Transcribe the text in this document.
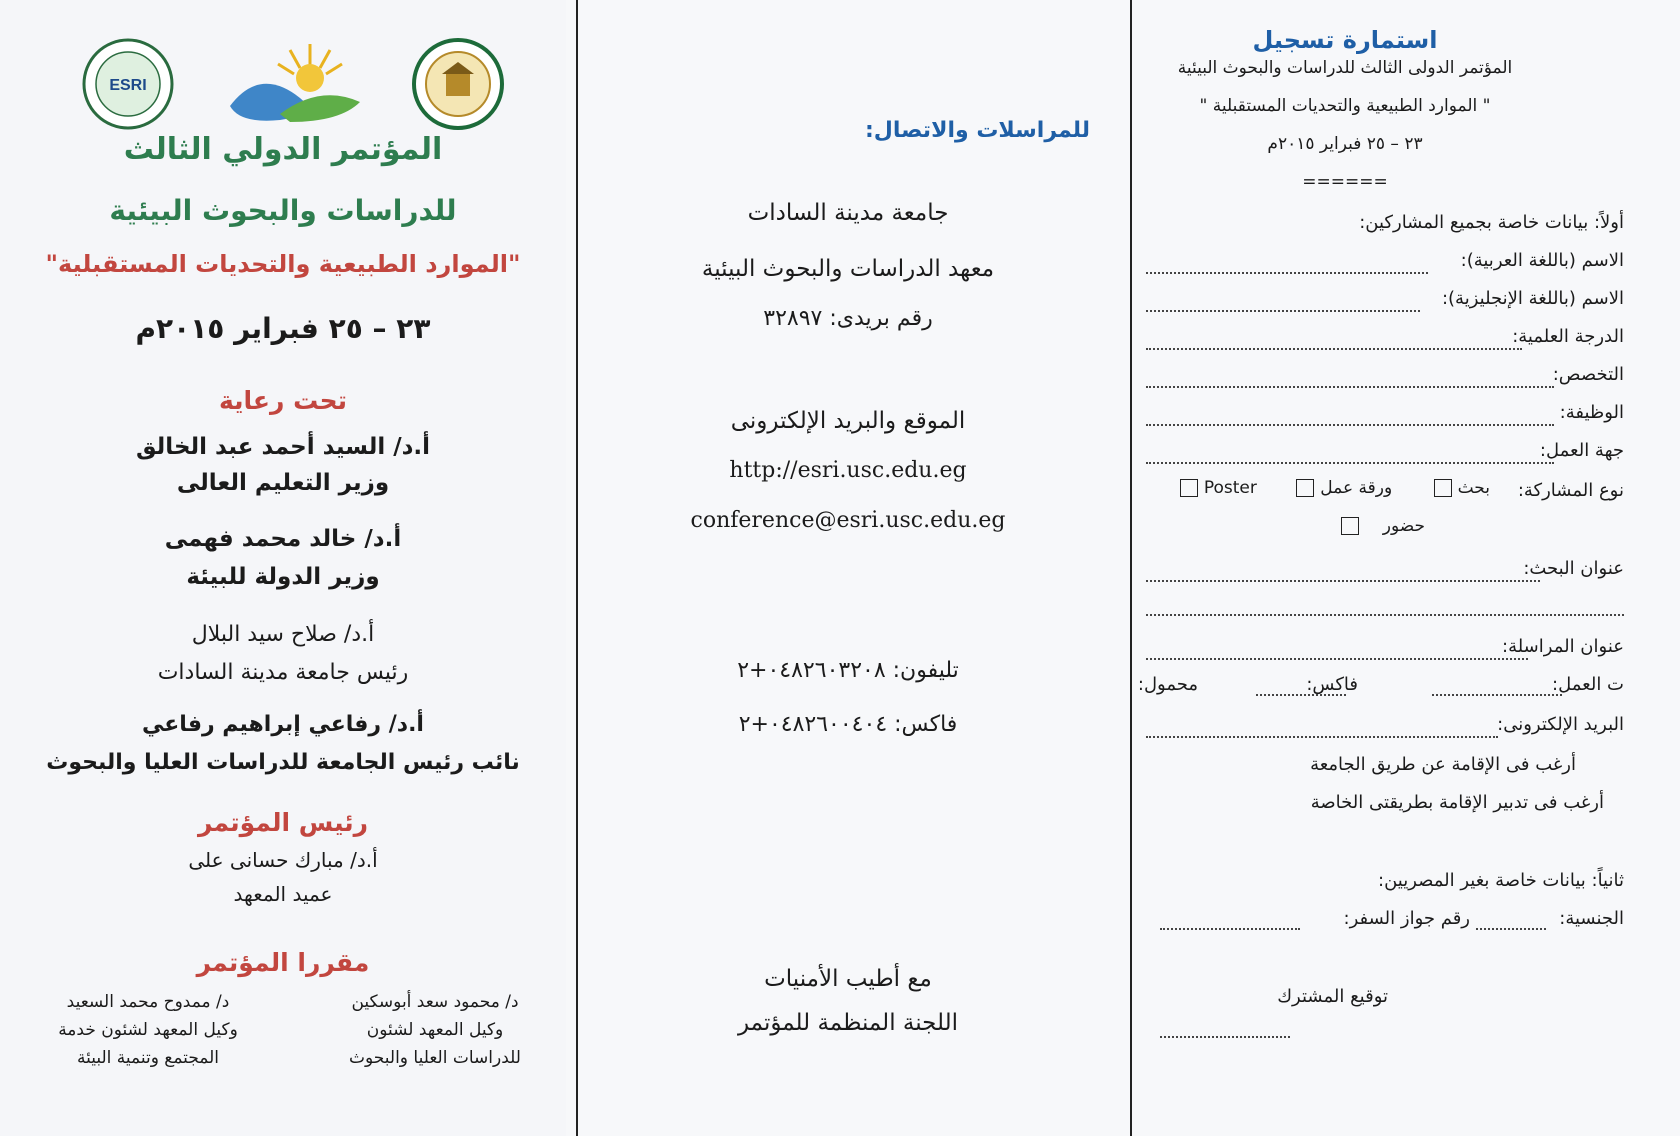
ESRI
المؤتمر الدولي الثالث
للدراسات والبحوث البيئية
"الموارد الطبيعية والتحديات المستقبلية"
٢٣ – ٢٥ فبراير ٢٠١٥م
تحت رعاية
أ.د/ السيد أحمد عبد الخالق
وزير التعليم العالى
أ.د/ خالد محمد فهمى
وزير الدولة للبيئة
أ.د/ صلاح سيد البلال
رئيس جامعة مدينة السادات
أ.د/ رفاعي إبراهيم رفاعي
نائب رئيس الجامعة للدراسات العليا والبحوث
رئيس المؤتمر
أ.د/ مبارك حسانى على
عميد المعهد
مقررا المؤتمر
د/ محمود سعد أبوسكين
وكيل المعهد لشئون
للدراسات العليا والبحوث
د/ ممدوح محمد السعيد
وكيل المعهد لشئون خدمة
المجتمع وتنمية البيئة
للمراسلات والاتصال:
جامعة مدينة السادات
معهد الدراسات والبحوث البيئية
رقم بريدى: ٣٢٨٩٧
الموقع والبريد الإلكترونى
http://esri.usc.edu.eg
conference@esri.usc.edu.eg
تليفون: ٠٤٨٢٦٠٣٢٠٨+٢
فاكس: ٠٤٨٢٦٠٠٤٠٤+٢
مع أطيب الأمنيات
اللجنة المنظمة للمؤتمر
استمارة تسجيل
المؤتمر الدولى الثالث للدراسات والبحوث البيئية
" الموارد الطبيعية والتحديات المستقبلية "
٢٣ – ٢٥ فبراير ٢٠١٥م
======
أولاً: بيانات خاصة بجميع المشاركين:
الاسم (باللغة العربية):
الاسم (باللغة الإنجليزية):
الدرجة العلمية:
التخصص:
الوظيفة:
جهة العمل:
نوع المشاركة:
بحث ورقة عمل Poster
حضور
عنوان البحث:
عنوان المراسلة:
ت العمل:
فاكس:
محمول:
البريد الإلكترونى:
أرغب فى الإقامة عن طريق الجامعة
أرغب فى تدبير الإقامة بطريقتى الخاصة
ثانياً: بيانات خاصة بغير المصريين:
الجنسية:
رقم جواز السفر:
توقيع المشترك
